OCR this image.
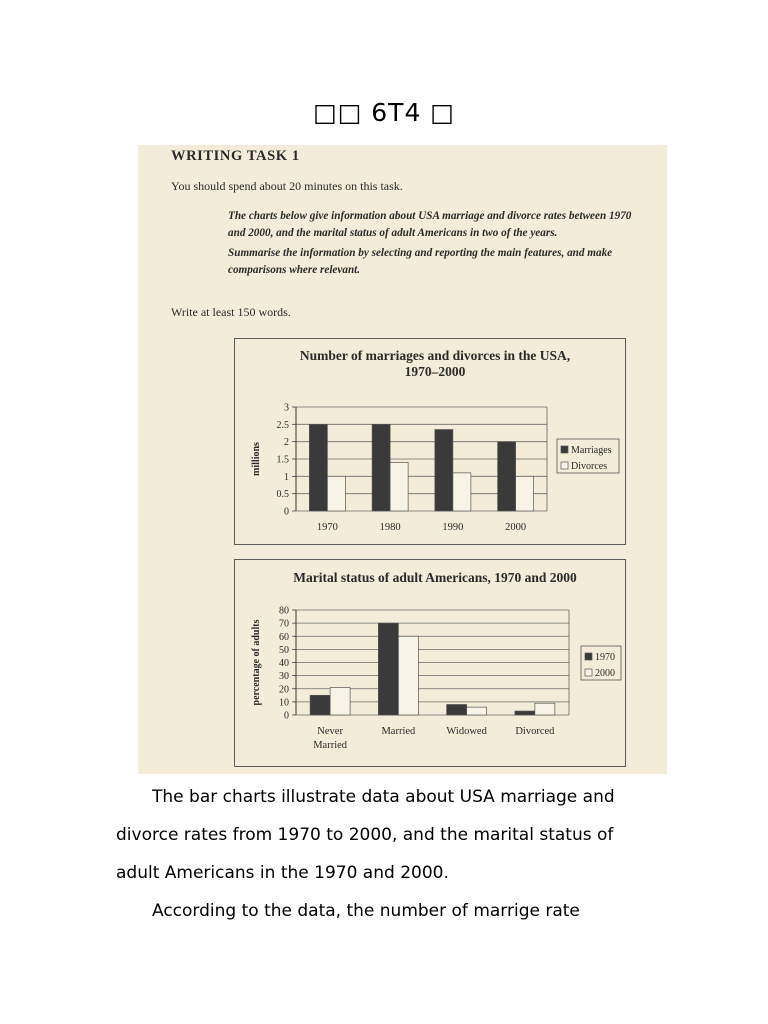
□□ 6T4 □
WRITING TASK 1
You should spend about 20 minutes on this task.

The charts below give information about USA marriage and divorce rates between 1970 and 2000, and the marital status of adult Americans in two of the years.

Summarise the information by selecting and reporting the main features, and make comparisons where relevant.

Write at least 150 words.
Number of marriages and divorces in the USA,
1970–2000
0
0.5
1
1.5
2
2.5
3
millions
1970	1980	1990	2000
Marriages
Divorces
Marital status of adult Americans, 1970 and 2000
0
10
20
30
40
50
60
70
80
percentage of adults
Never
Married
Married	Widowed	Divorced
1970
2000

The bar charts illustrate data about USA marriage and divorce rates from 1970 to 2000, and the marital status of adult Americans in the 1970 and 2000.

According to the data, the number of marrige rate
